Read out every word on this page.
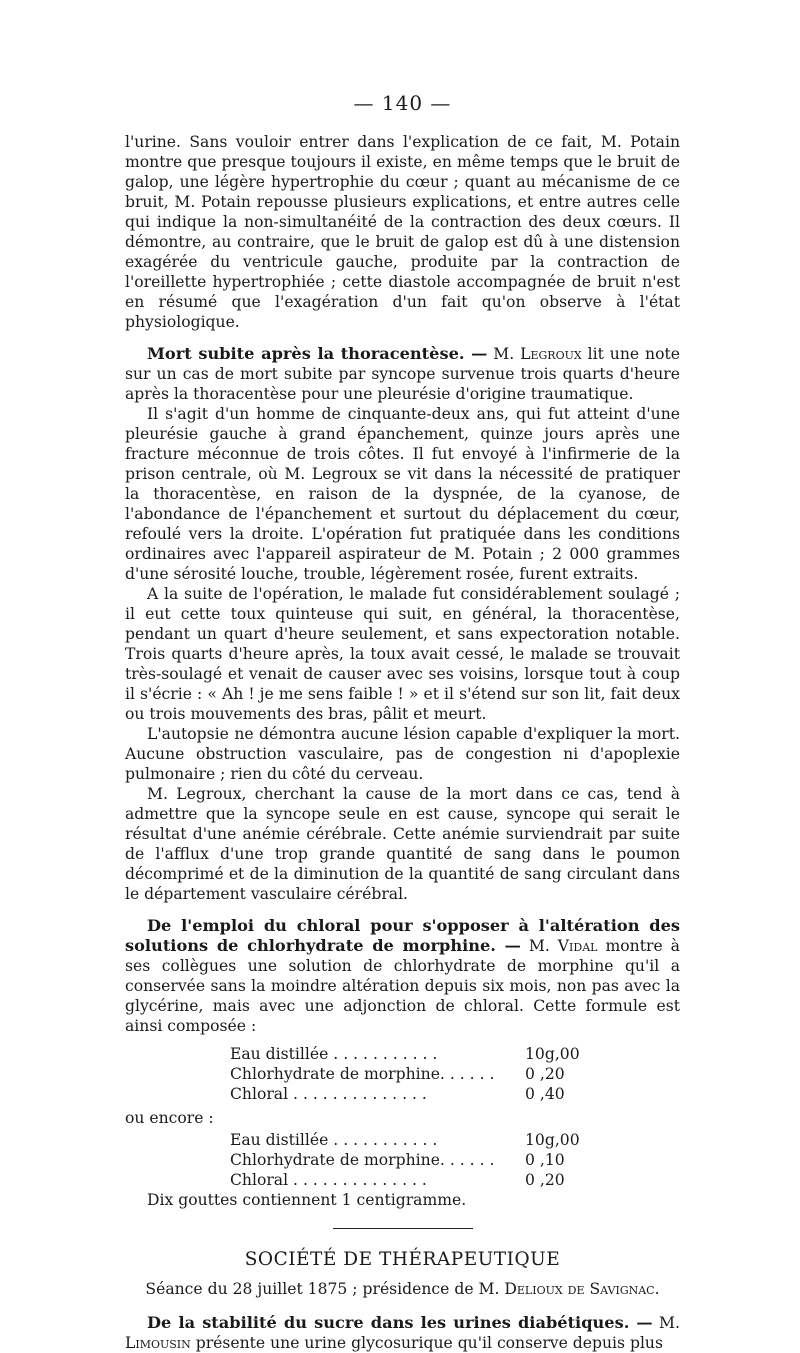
— 140 —

l'urine. Sans vouloir entrer dans l'explication de ce fait, M. Potain montre que presque toujours il existe, en même temps que le bruit de galop, une légère hypertrophie du cœur ; quant au mécanisme de ce bruit, M. Potain repousse plusieurs explications, et entre autres celle qui indique la non-simultanéité de la contraction des deux cœurs. Il démontre, au contraire, que le bruit de galop est dû à une distension exagérée du ventricule gauche, produite par la contraction de l'oreillette hypertrophiée ; cette diastole accompagnée de bruit n'est en résumé que l'exagération d'un fait qu'on observe à l'état physiologique.

Mort subite après la thoracentèse. — M. Legroux lit une note sur un cas de mort subite par syncope survenue trois quarts d'heure après la thoracentèse pour une pleurésie d'origine traumatique.

Il s'agit d'un homme de cinquante-deux ans, qui fut atteint d'une pleurésie gauche à grand épanchement, quinze jours après une fracture méconnue de trois côtes. Il fut envoyé à l'infirmerie de la prison centrale, où M. Legroux se vit dans la nécessité de pratiquer la thoracentèse, en raison de la dyspnée, de la cyanose, de l'abondance de l'épanchement et surtout du déplacement du cœur, refoulé vers la droite. L'opération fut pratiquée dans les conditions ordinaires avec l'appareil aspirateur de M. Potain ; 2 000 grammes d'une sérosité louche, trouble, légèrement rosée, furent extraits.

A la suite de l'opération, le malade fut considérablement soulagé ; il eut cette toux quinteuse qui suit, en général, la thoracentèse, pendant un quart d'heure seulement, et sans expectoration notable. Trois quarts d'heure après, la toux avait cessé, le malade se trouvait très-soulagé et venait de causer avec ses voisins, lorsque tout à coup il s'écrie : « Ah ! je me sens faible ! » et il s'étend sur son lit, fait deux ou trois mouvements des bras, pâlit et meurt.

L'autopsie ne démontra aucune lésion capable d'expliquer la mort. Aucune obstruction vasculaire, pas de congestion ni d'apoplexie pulmonaire ; rien du côté du cerveau.

M. Legroux, cherchant la cause de la mort dans ce cas, tend à admettre que la syncope seule en est cause, syncope qui serait le résultat d'une anémie cérébrale. Cette anémie surviendrait par suite de l'afflux d'une trop grande quantité de sang dans le poumon décomprimé et de la diminution de la quantité de sang circulant dans le département vasculaire cérébral.

De l'emploi du chloral pour s'opposer à l'altération des solutions de chlorhydrate de morphine. — M. Vidal montre à ses collègues une solution de chlorhydrate de morphine qu'il a conservée sans la moindre altération depuis six mois, non pas avec la glycérine, mais avec une adjonction de chloral. Cette formule est ainsi composée :

Eau distillée . . . . . . . . . . .	10g,00
Chlorhydrate de morphine. . . . . .	0 ,20
Chloral . . . . . . . . . . . . . .	0 ,40

ou encore :

Eau distillée . . . . . . . . . . .	10g,00
Chlorhydrate de morphine. . . . . .	0 ,10
Chloral . . . . . . . . . . . . . .	0 ,20

Dix gouttes contiennent 1 centigramme.

SOCIÉTÉ DE THÉRAPEUTIQUE
Séance du 28 juillet 1875 ; présidence de M. Delioux de Savignac.

De la stabilité du sucre dans les urines diabétiques. — M. Limousin présente une urine glycosurique qu'il conserve depuis plus
